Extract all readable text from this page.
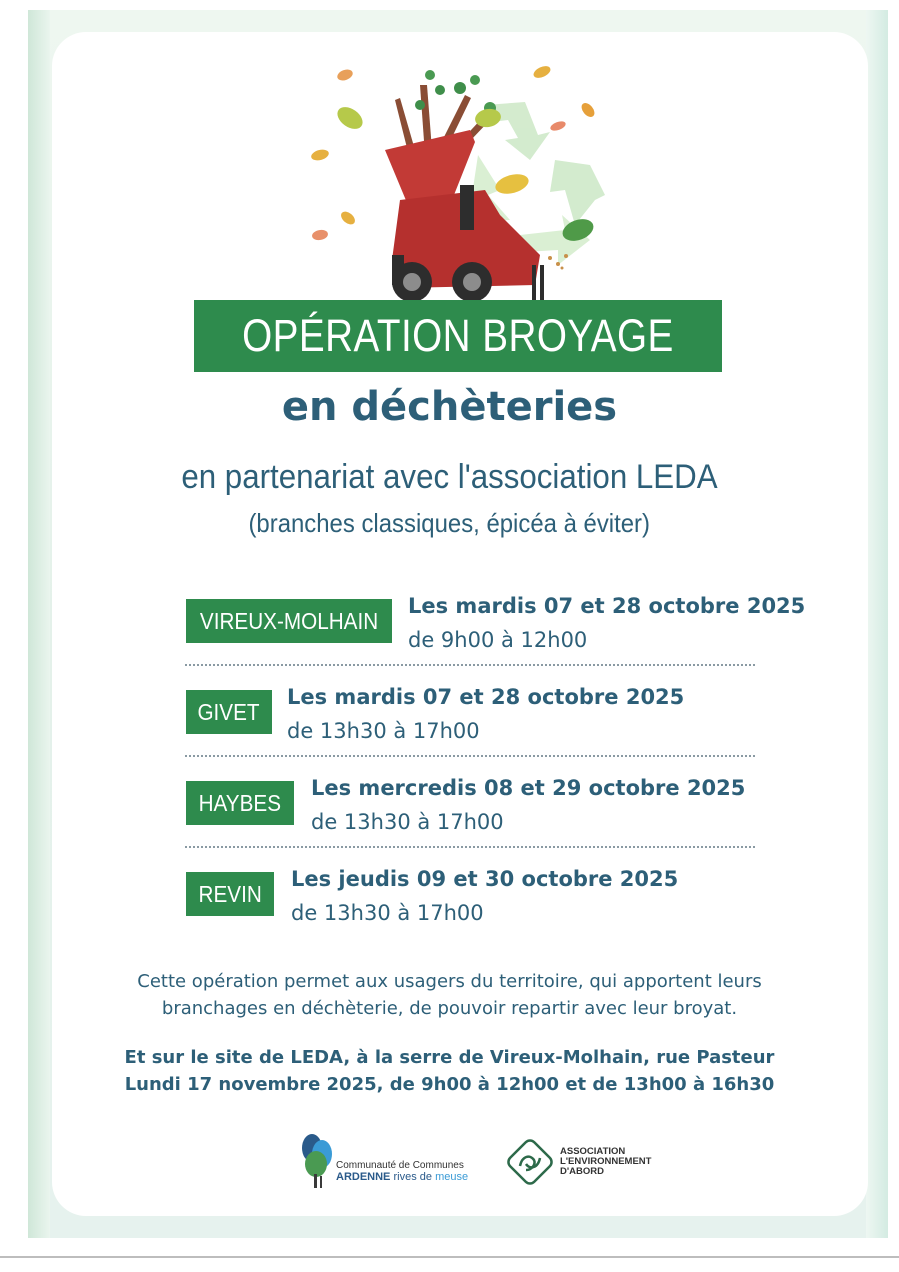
OPÉRATION BROYAGE
en déchèteries
en partenariat avec l'association LEDA
(branches classiques, épicéa à éviter)
VIREUX-MOLHAIN
Les mardis 07 et 28 octobre 2025
de 9h00 à 12h00
GIVET
Les mardis 07 et 28 octobre 2025
de 13h30 à 17h00
HAYBES
Les mercredis 08 et 29 octobre 2025
de 13h30 à 17h00
REVIN
Les jeudis 09 et 30 octobre 2025
de 13h30 à 17h00
Cette opération permet aux usagers du territoire, qui apportent leurs
branchages en déchèterie, de pouvoir repartir avec leur broyat.
Et sur le site de LEDA, à la serre de Vireux-Molhain, rue Pasteur
Lundi 17 novembre 2025, de 9h00 à 12h00 et de 13h00 à 16h30
Communauté de Communes
ARDENNE rives de meuse
ASSOCIATION
L'ENVIRONNEMENT
D'ABORD
